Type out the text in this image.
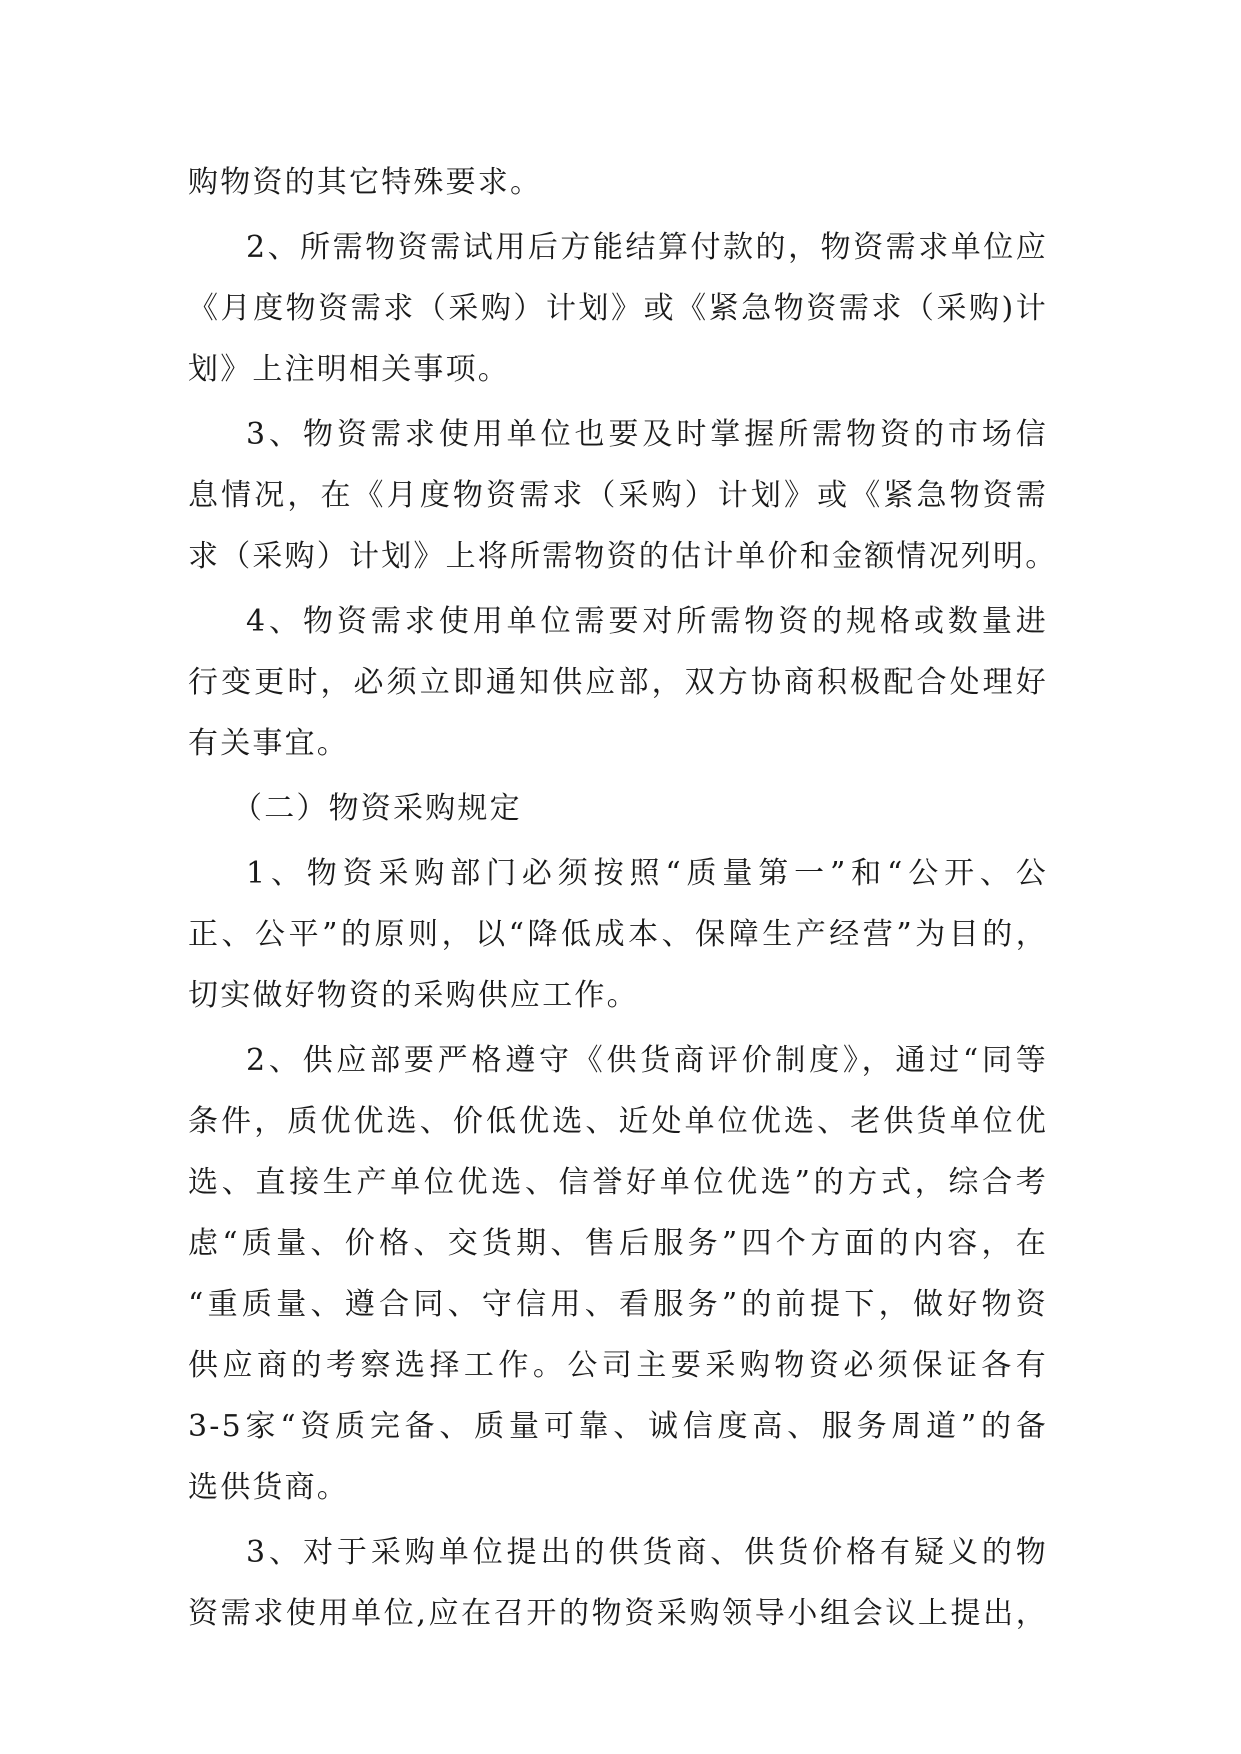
购物资的其它特殊要求。
2、所需物资需试用后方能结算付款的，物资需求单位应
《月度物资需求（采购）计划》或《紧急物资需求（采购)计
划》上注明相关事项。
3、物资需求使用单位也要及时掌握所需物资的市场信
息情况，在《月度物资需求（采购）计划》或《紧急物资需
求（采购）计划》上将所需物资的估计单价和金额情况列明。
4、物资需求使用单位需要对所需物资的规格或数量进
行变更时，必须立即通知供应部，双方协商积极配合处理好
有关事宜。
（二）物资采购规定
1、物资采购部门必须按照“质量第一”和“公开、公
正、公平”的原则，以“降低成本、保障生产经营”为目的，
切实做好物资的采购供应工作。
2、供应部要严格遵守《供货商评价制度》，通过“同等
条件，质优优选、价低优选、近处单位优选、老供货单位优
选、直接生产单位优选、信誉好单位优选”的方式，综合考
虑“质量、价格、交货期、售后服务”四个方面的内容，在
“重质量、遵合同、守信用、看服务”的前提下，做好物资
供应商的考察选择工作。公司主要采购物资必须保证各有
3-5家“资质完备、质量可靠、诚信度高、服务周道”的备
选供货商。
3、对于采购单位提出的供货商、供货价格有疑义的物
资需求使用单位,应在召开的物资采购领导小组会议上提出，
